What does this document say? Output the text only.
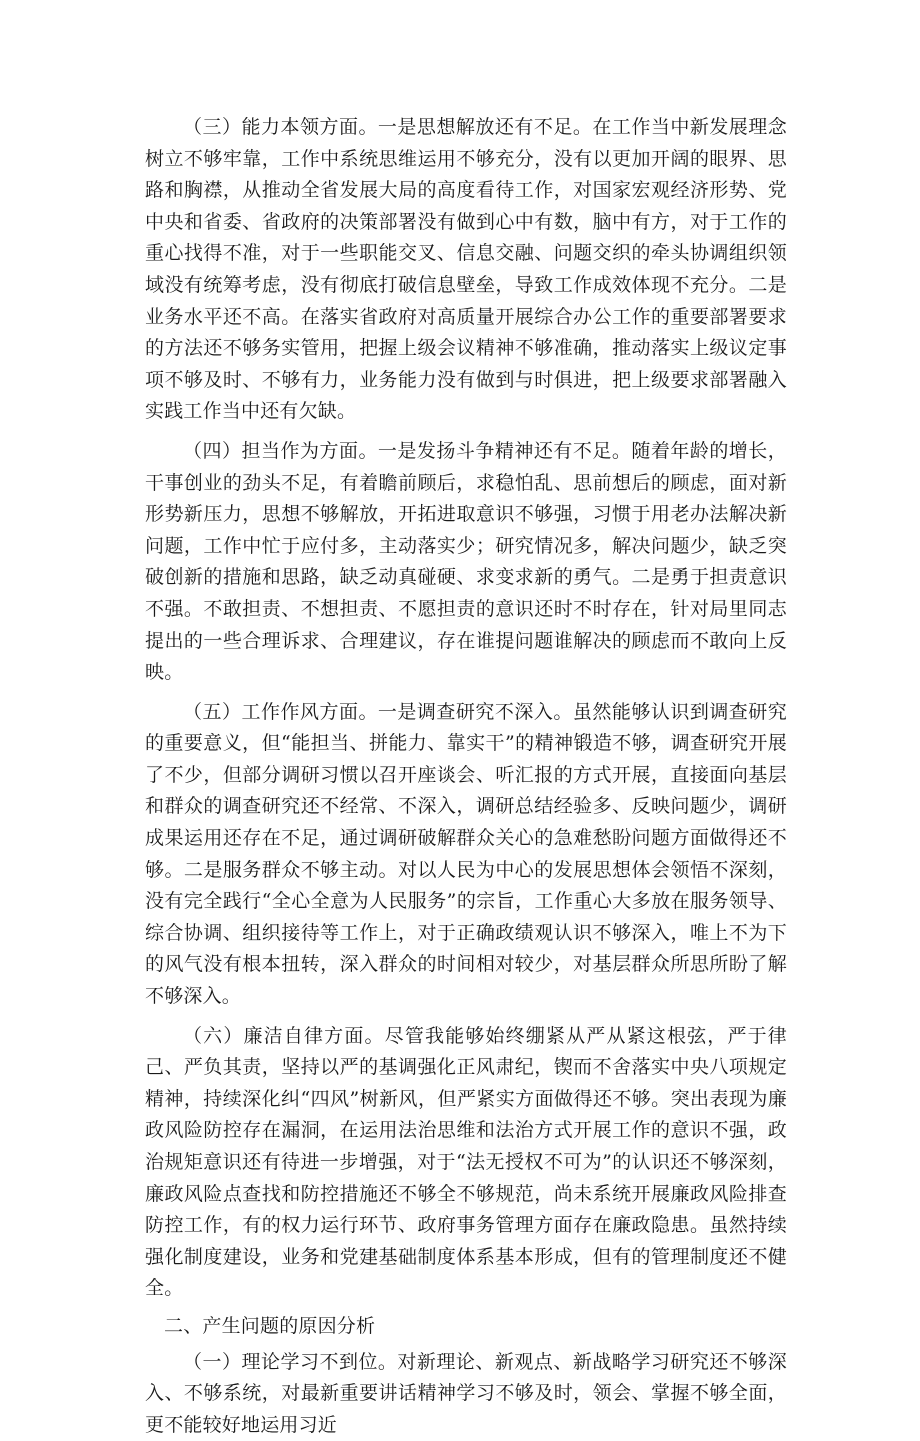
（三）能力本领方面。一是思想解放还有不足。在工作当中新发展理念树立不够牢靠，工作中系统思维运用不够充分，没有以更加开阔的眼界、思路和胸襟，从推动全省发展大局的高度看待工作，对国家宏观经济形势、党中央和省委、省政府的决策部署没有做到心中有数，脑中有方，对于工作的重心找得不准，对于一些职能交叉、信息交融、问题交织的牵头协调组织领域没有统筹考虑，没有彻底打破信息壁垒，导致工作成效体现不充分。二是业务水平还不高。在落实省政府对高质量开展综合办公工作的重要部署要求的方法还不够务实管用，把握上级会议精神不够准确，推动落实上级议定事项不够及时、不够有力，业务能力没有做到与时俱进，把上级要求部署融入实践工作当中还有欠缺。

（四）担当作为方面。一是发扬斗争精神还有不足。随着年龄的增长，干事创业的劲头不足，有着瞻前顾后，求稳怕乱、思前想后的顾虑，面对新形势新压力，思想不够解放，开拓进取意识不够强，习惯于用老办法解决新问题，工作中忙于应付多，主动落实少；研究情况多，解决问题少，缺乏突破创新的措施和思路，缺乏动真碰硬、求变求新的勇气。二是勇于担责意识不强。不敢担责、不想担责、不愿担责的意识还时不时存在，针对局里同志提出的一些合理诉求、合理建议，存在谁提问题谁解决的顾虑而不敢向上反映。

（五）工作作风方面。一是调查研究不深入。虽然能够认识到调查研究的重要意义，但“能担当、拼能力、靠实干”的精神锻造不够，调查研究开展了不少，但部分调研习惯以召开座谈会、听汇报的方式开展，直接面向基层和群众的调查研究还不经常、不深入，调研总结经验多、反映问题少，调研成果运用还存在不足，通过调研破解群众关心的急难愁盼问题方面做得还不够。二是服务群众不够主动。对以人民为中心的发展思想体会领悟不深刻，没有完全践行“全心全意为人民服务”的宗旨，工作重心大多放在服务领导、综合协调、组织接待等工作上，对于正确政绩观认识不够深入，唯上不为下的风气没有根本扭转，深入群众的时间相对较少，对基层群众所思所盼了解不够深入。

（六）廉洁自律方面。尽管我能够始终绷紧从严从紧这根弦，严于律己、严负其责，坚持以严的基调强化正风肃纪，锲而不舍落实中央八项规定精神，持续深化纠“四风”树新风，但严紧实方面做得还不够。突出表现为廉政风险防控存在漏洞，在运用法治思维和法治方式开展工作的意识不强，政治规矩意识还有待进一步增强，对于“法无授权不可为”的认识还不够深刻，廉政风险点查找和防控措施还不够全不够规范，尚未系统开展廉政风险排查防控工作，有的权力运行环节、政府事务管理方面存在廉政隐患。虽然持续强化制度建设，业务和党建基础制度体系基本形成，但有的管理制度还不健全。

二、产生问题的原因分析

（一）理论学习不到位。对新理论、新观点、新战略学习研究还不够深入、不够系统，对最新重要讲话精神学习不够及时，领会、掌握不够全面，更不能较好地运用习近
